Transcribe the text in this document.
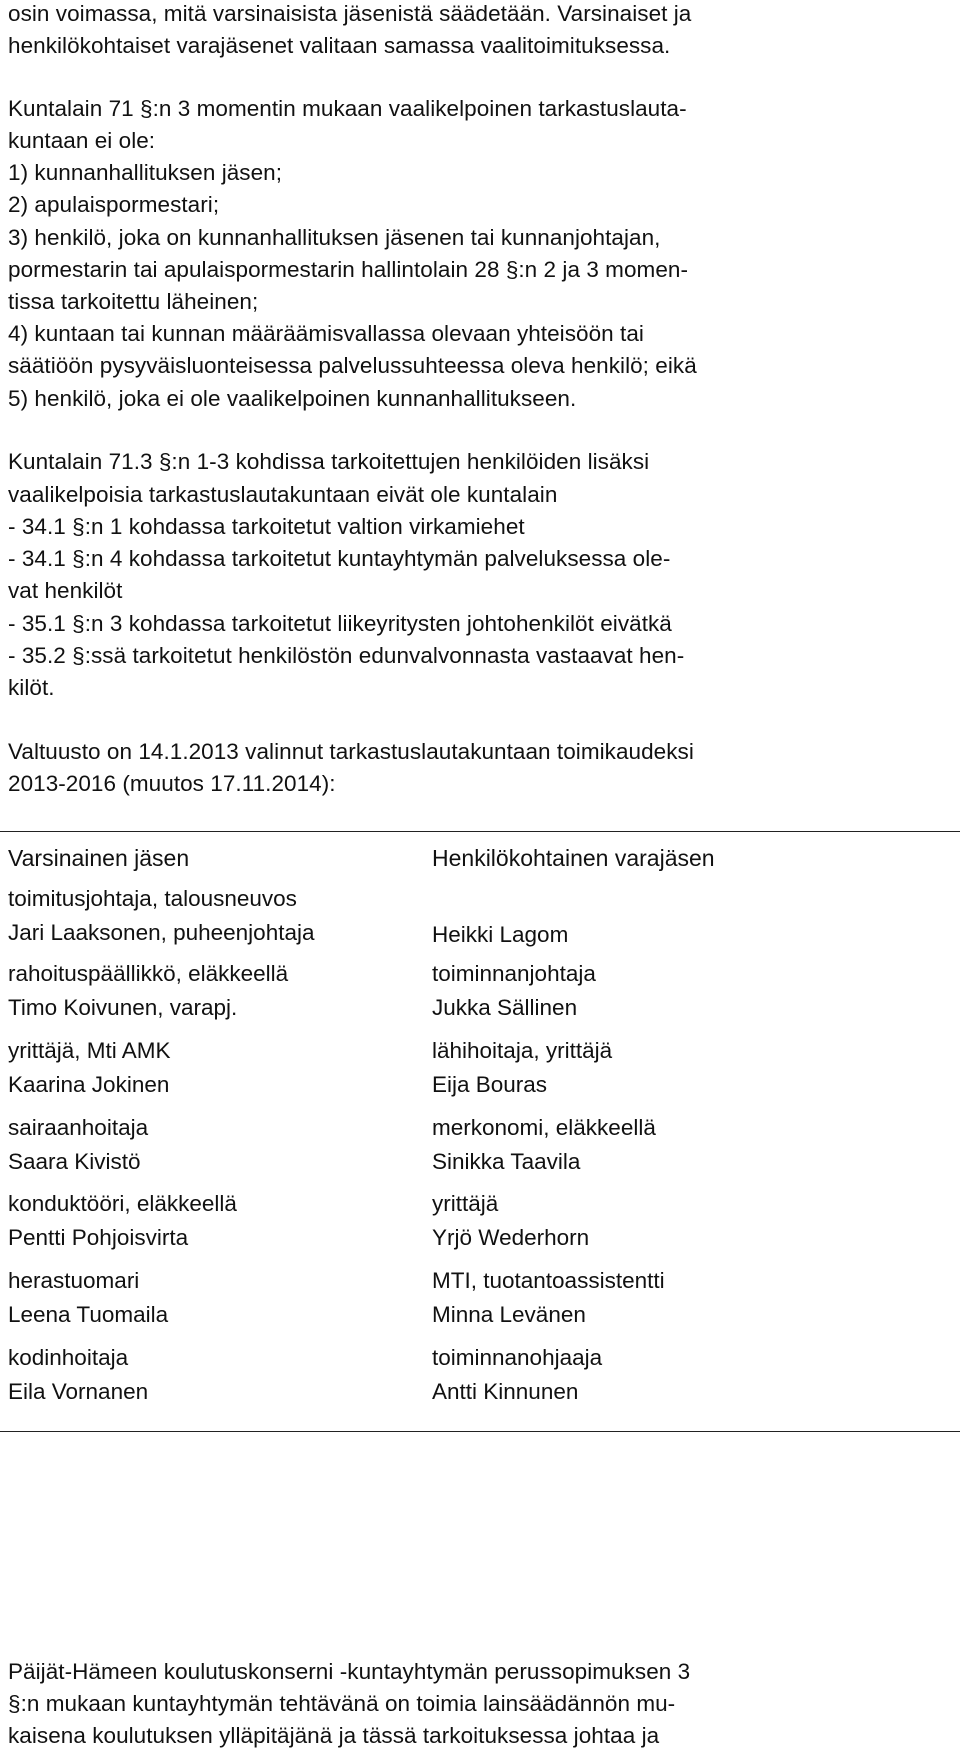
osin voimassa, mitä varsinaisista jäsenistä säädetään. Varsinaiset ja
henkilökohtaiset varajäsenet valitaan samassa vaalitoimituksessa.
Kuntalain 71 §:n 3 momentin mukaan vaalikelpoinen tarkastuslauta-
kuntaan ei ole:
1) kunnanhallituksen jäsen;
2) apulaispormestari;
3) henkilö, joka on kunnanhallituksen jäsenen tai kunnanjohtajan,
pormestarin tai apulaispormestarin hallintolain 28 §:n 2 ja 3 momen-
tissa tarkoitettu läheinen;
4) kuntaan tai kunnan määräämisvallassa olevaan yhteisöön tai
säätiöön pysyväisluonteisessa palvelussuhteessa oleva henkilö; eikä
5) henkilö, joka ei ole vaalikelpoinen kunnanhallitukseen.
Kuntalain 71.3 §:n 1-3 kohdissa tarkoitettujen henkilöiden lisäksi
vaalikelpoisia tarkastuslautakuntaan eivät ole kuntalain
- 34.1 §:n 1 kohdassa tarkoitetut valtion virkamiehet
- 34.1 §:n 4 kohdassa tarkoitetut kuntayhtymän palveluksessa ole-
vat henkilöt
- 35.1 §:n 3 kohdassa tarkoitetut liikeyritysten johtohenkilöt eivätkä
- 35.2 §:ssä tarkoitetut henkilöstön edunvalvonnasta vastaavat hen-
kilöt.
Valtuusto on 14.1.2013 valinnut tarkastuslautakuntaan toimikaudeksi
2013-2016 (muutos 17.11.2014):
Varsinainen jäsen	Henkilökohtainen varajäsen
toimitusjohtaja, talousneuvos
Jari Laaksonen, puheenjohtaja	Heikki Lagom
rahoituspäällikkö, eläkkeellä
Timo Koivunen, varapj.
toiminnanjohtaja
Jukka Sällinen
yrittäjä, Mti AMK
Kaarina Jokinen
lähihoitaja, yrittäjä
Eija Bouras
sairaanhoitaja
Saara Kivistö
merkonomi, eläkkeellä
Sinikka Taavila
konduktööri, eläkkeellä
Pentti Pohjoisvirta
yrittäjä
Yrjö Wederhorn
herastuomari
Leena Tuomaila
MTI, tuotantoassistentti
Minna Levänen
kodinhoitaja
Eila Vornanen
toiminnanohjaaja
Antti Kinnunen
Päijät-Hämeen koulutuskonserni -kuntayhtymän perussopimuksen 3
§:n mukaan kuntayhtymän tehtävänä on toimia lainsäädännön mu-
kaisena koulutuksen ylläpitäjänä ja tässä tarkoituksessa johtaa ja
